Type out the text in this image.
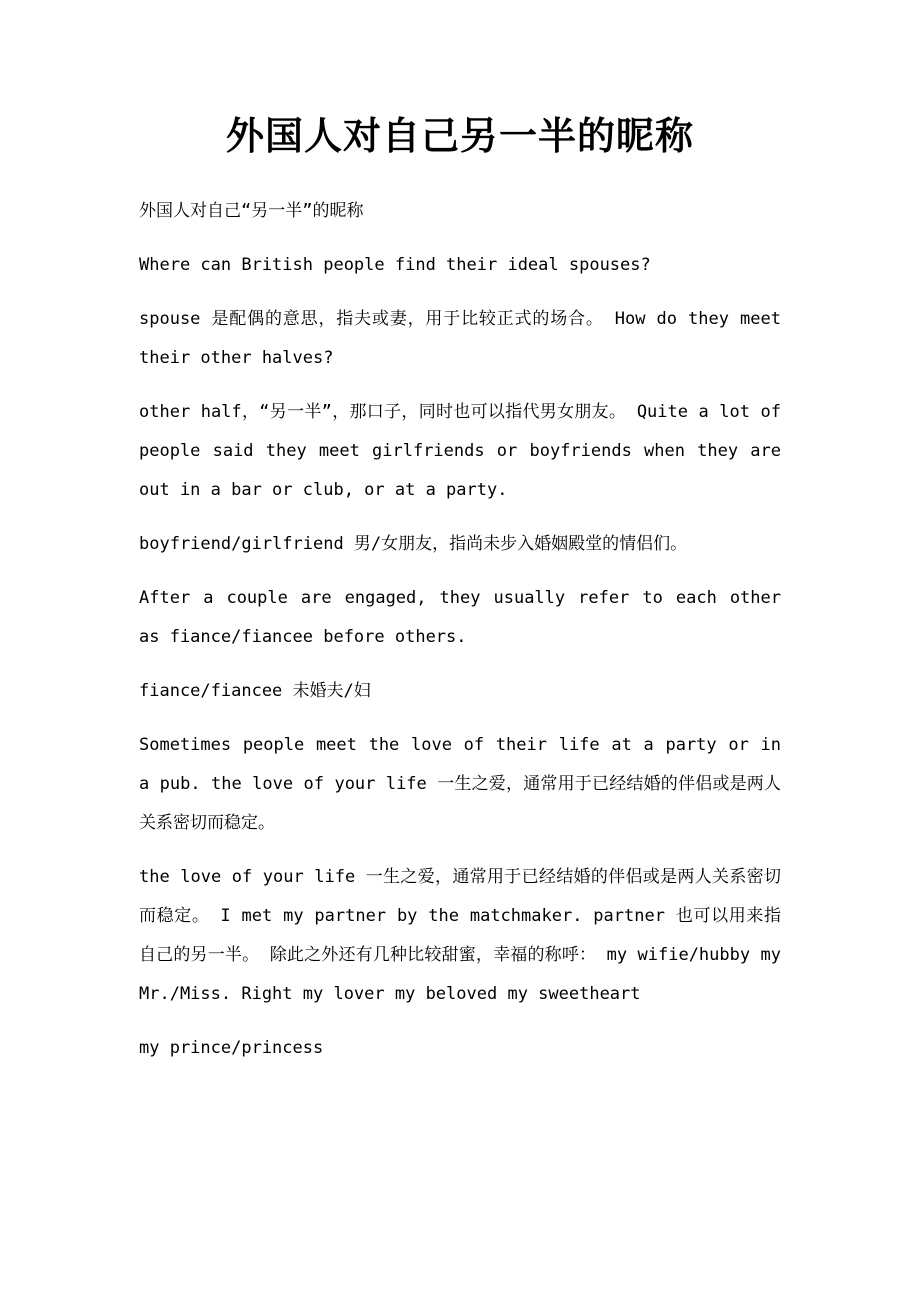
外国人对自己另一半的昵称

外国人对自己“另一半”的昵称

Where can British people find their ideal spouses?

spouse 是配偶的意思，指夫或妻，用于比较正式的场合。 How do they meet their other halves?

other half，“另一半”，那口子，同时也可以指代男女朋友。 Quite a lot of people said they meet girlfriends or boyfriends when they are out in a bar or club, or at a party.

boyfriend/girlfriend 男/女朋友，指尚未步入婚姻殿堂的情侣们。

After a couple are engaged, they usually refer to each other as fiance/fiancee before others.

fiance/fiancee 未婚夫/妇

Sometimes people meet the love of their life at a party or in a pub. the love of your life 一生之爱，通常用于已经结婚的伴侣或是两人关系密切而稳定。

the love of your life 一生之爱，通常用于已经结婚的伴侣或是两人关系密切而稳定。 I met my partner by the matchmaker. partner 也可以用来指自己的另一半。 除此之外还有几种比较甜蜜，幸福的称呼： my wifie/hubby my Mr./Miss. Right my lover my beloved my sweetheart

my prince/princess
